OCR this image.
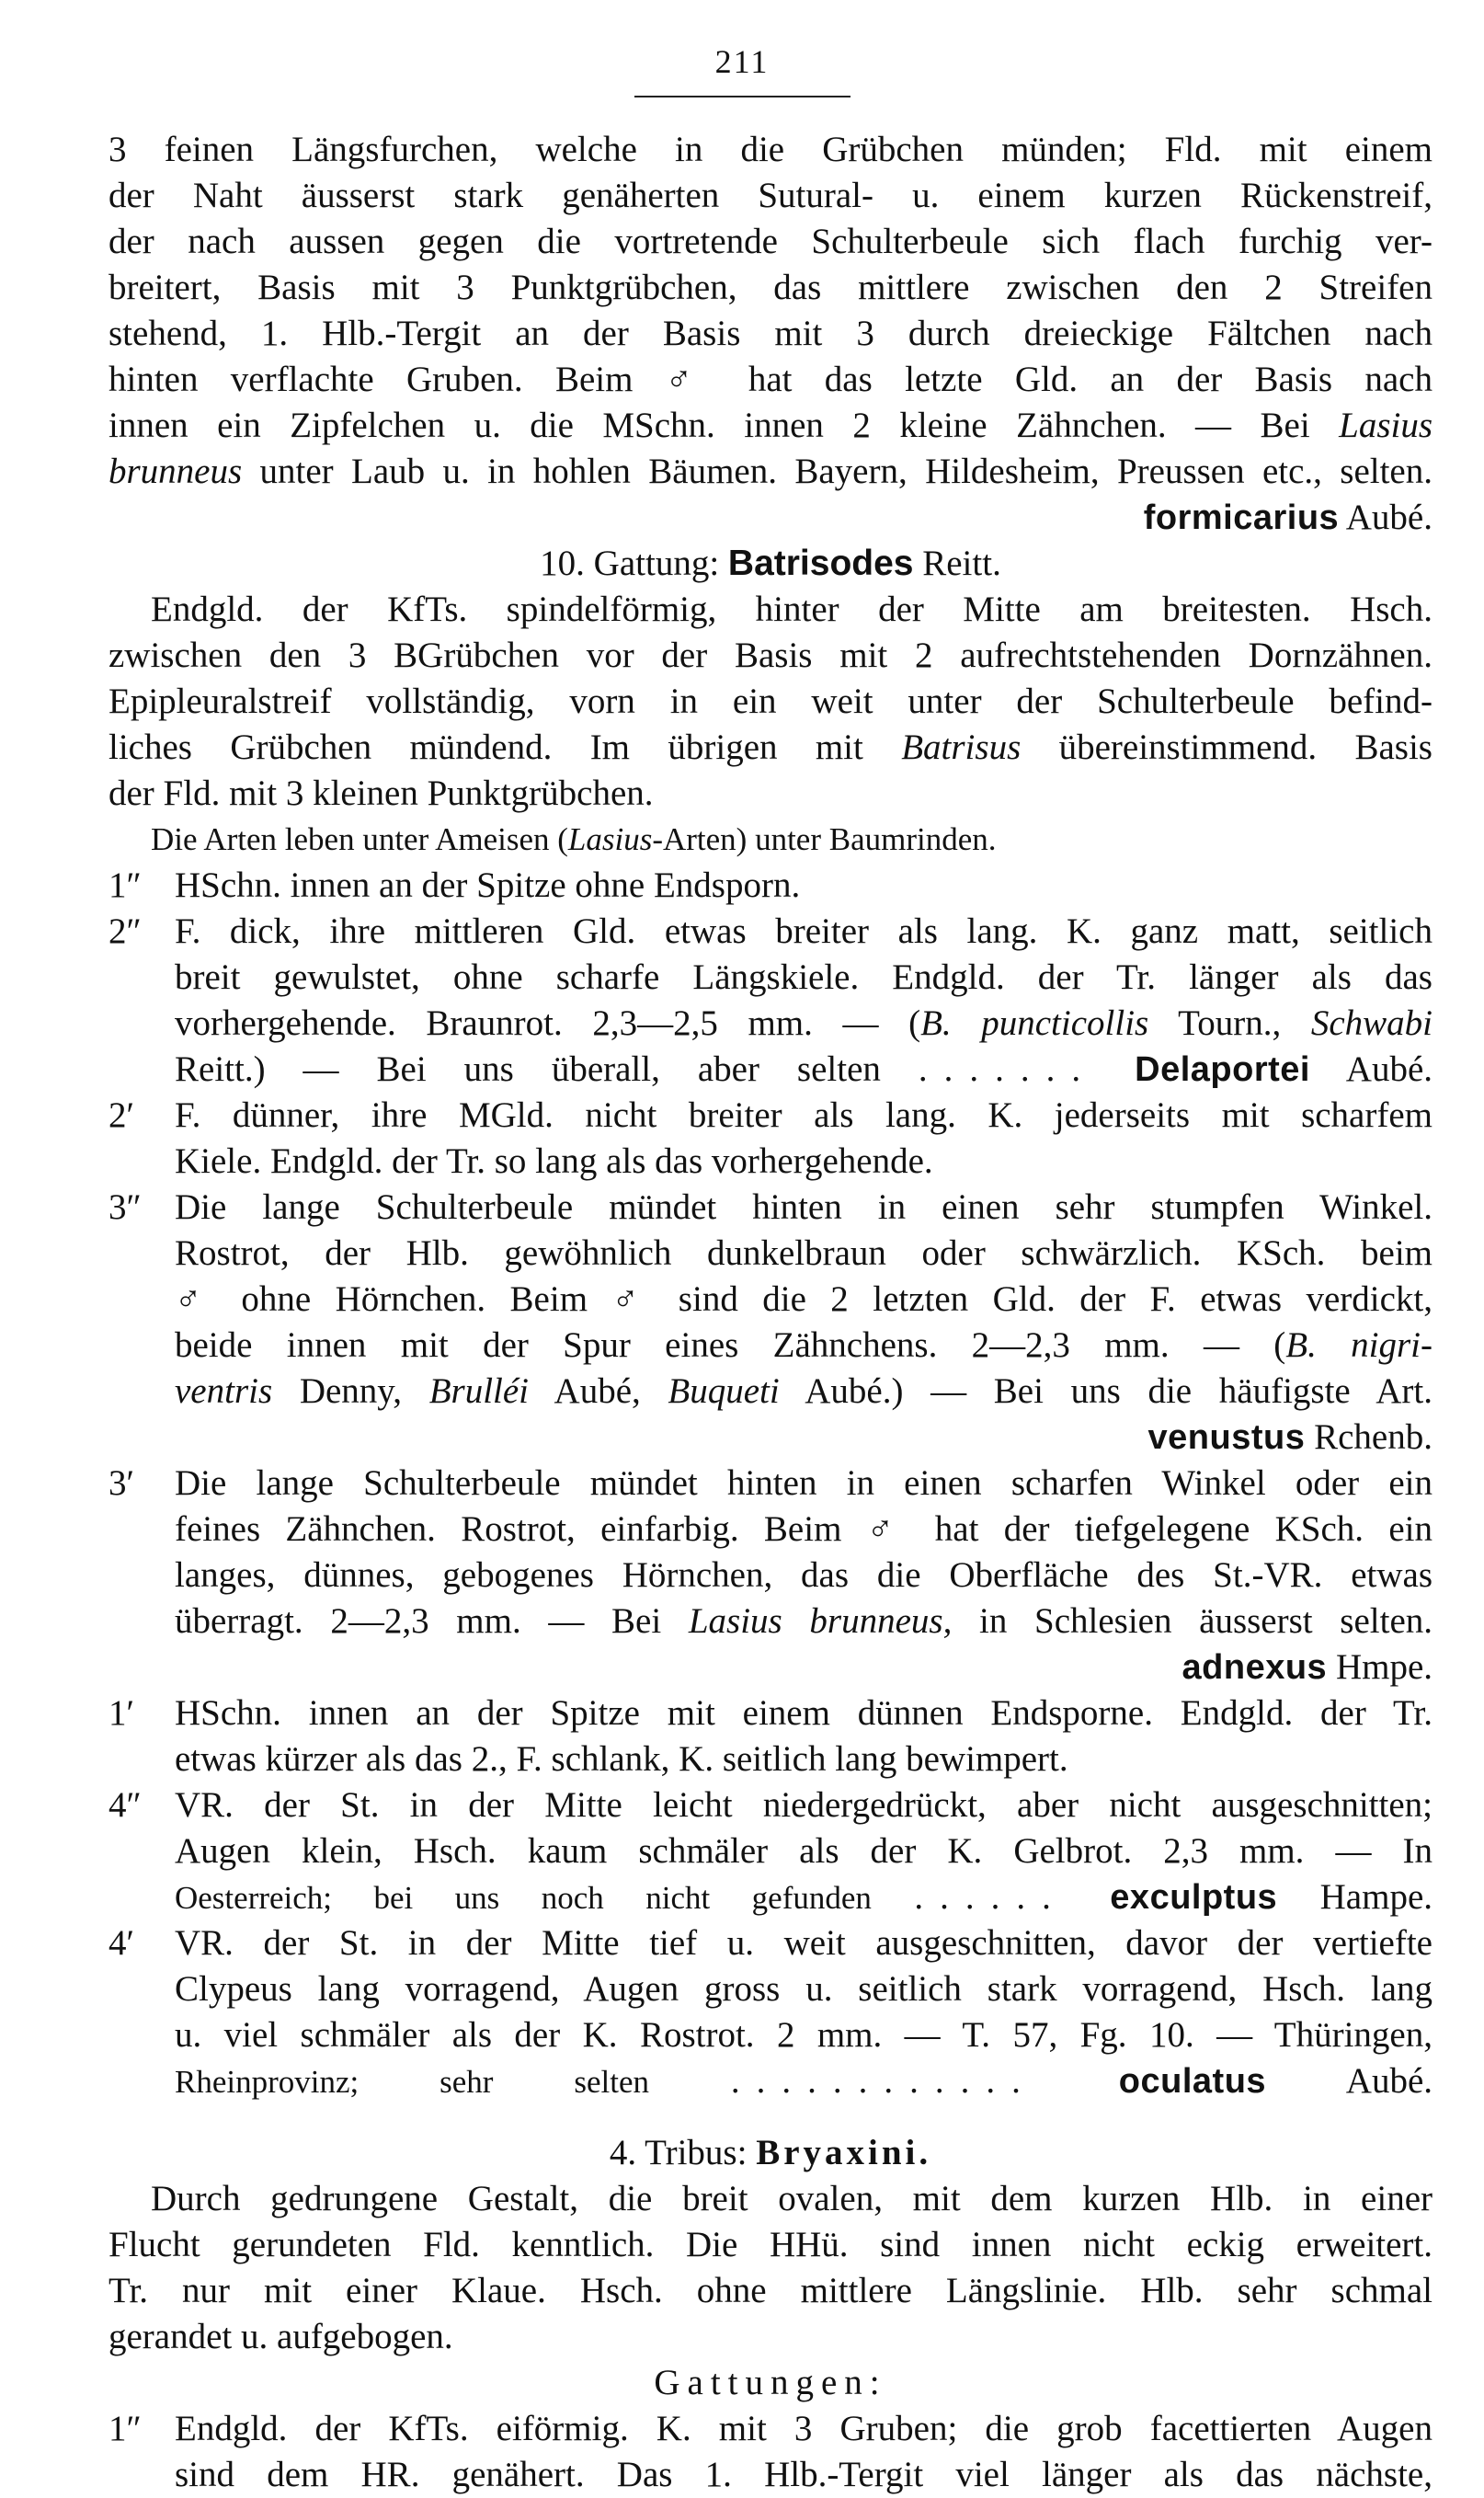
211
3 feinen Längsfurchen, welche in die Grübchen münden; Fld. mit einem
der Naht äusserst stark genäherten Sutural- u. einem kurzen Rückenstreif,
der nach aussen gegen die vortretende Schulterbeule sich flach furchig ver-
breitert, Basis mit 3 Punktgrübchen, das mittlere zwischen den 2 Streifen
stehend, 1. Hlb.-Tergit an der Basis mit 3 durch dreieckige Fältchen nach
hinten verflachte Gruben. Beim ♂ hat das letzte Gld. an der Basis nach
innen ein Zipfelchen u. die MSchn. innen 2 kleine Zähnchen. — Bei Lasius
brunneus unter Laub u. in hohlen Bäumen. Bayern, Hildesheim, Preussen etc., selten.
formicarius Aubé.
10. Gattung: Batrisodes Reitt.
Endgld. der KfTs. spindelförmig, hinter der Mitte am breitesten. Hsch.
zwischen den 3 BGrübchen vor der Basis mit 2 aufrechtstehenden Dornzähnen.
Epipleuralstreif vollständig, vorn in ein weit unter der Schulterbeule befind-
liches Grübchen mündend. Im übrigen mit Batrisus übereinstimmend. Basis
der Fld. mit 3 kleinen Punktgrübchen.
Die Arten leben unter Ameisen (Lasius-Arten) unter Baumrinden.
1″ HSchn. innen an der Spitze ohne Endsporn.
2″ F. dick, ihre mittleren Gld. etwas breiter als lang. K. ganz matt, seitlich
breit gewulstet, ohne scharfe Längskiele. Endgld. der Tr. länger als das
vorhergehende. Braunrot. 2,3—2,5 mm. — (B. puncticollis Tourn., Schwabi
Reitt.) — Bei uns überall, aber selten ....... Delaportei Aubé.
2′	F. dünner, ihre MGld. nicht breiter als lang. K. jederseits mit scharfem
Kiele. Endgld. der Tr. so lang als das vorhergehende.
3″ Die lange Schulterbeule mündet hinten in einen sehr stumpfen Winkel.
Rostrot, der Hlb. gewöhnlich dunkelbraun oder schwärzlich. KSch. beim
♂ ohne Hörnchen. Beim ♂ sind die 2 letzten Gld. der F. etwas verdickt,
beide innen mit der Spur eines Zähnchens. 2—2,3 mm. — (B. nigri-
ventris Denny, Brulléi Aubé, Buqueti Aubé.) — Bei uns die häufigste Art.
venustus Rchenb.
3′	Die lange Schulterbeule mündet hinten in einen scharfen Winkel oder ein
feines Zähnchen. Rostrot, einfarbig. Beim ♂ hat der tiefgelegene KSch. ein
langes, dünnes, gebogenes Hörnchen, das die Oberfläche des St.-VR. etwas
überragt. 2—2,3 mm. — Bei Lasius brunneus, in Schlesien äusserst selten.
adnexus Hmpe.
1′	HSchn. innen an der Spitze mit einem dünnen Endsporne. Endgld. der Tr.
etwas kürzer als das 2., F. schlank, K. seitlich lang bewimpert.
4″ VR. der St. in der Mitte leicht niedergedrückt, aber nicht ausgeschnitten;
Augen klein, Hsch. kaum schmäler als der K. Gelbrot. 2,3 mm. — In
Oesterreich; bei uns noch nicht gefunden ...... exculptus Hampe.
4′	VR. der St. in der Mitte tief u. weit ausgeschnitten, davor der vertiefte
Clypeus lang vorragend, Augen gross u. seitlich stark vorragend, Hsch. lang
u. viel schmäler als der K. Rostrot. 2 mm. — T. 57, Fg. 10. — Thüringen,
Rheinprovinz; sehr selten ............ oculatus Aubé.
4. Tribus: Bryaxini.
Durch gedrungene Gestalt, die breit ovalen, mit dem kurzen Hlb. in einer
Flucht gerundeten Fld. kenntlich. Die HHü. sind innen nicht eckig erweitert.
Tr. nur mit einer Klaue. Hsch. ohne mittlere Längslinie. Hlb. sehr schmal
gerandet u. aufgebogen.
Gattungen:
1″ Endgld. der KfTs. eiförmig. K. mit 3 Gruben; die grob facettierten Augen
sind dem HR. genähert. Das 1. Hlb.-Tergit viel länger als das nächste,
